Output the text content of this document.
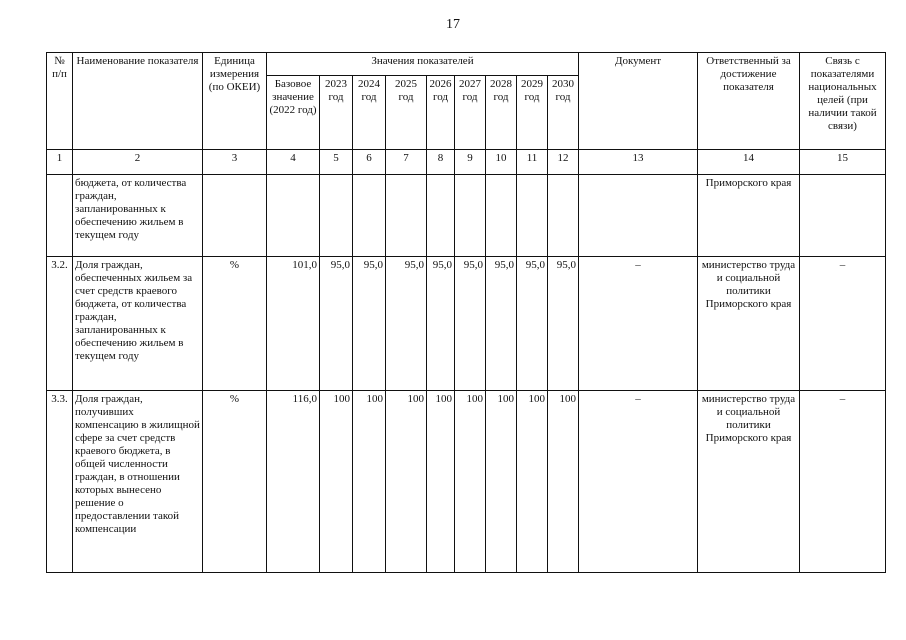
17
№ п/п	Наименование показателя	Единица измерения (по ОКЕИ)	Значения показателей									Документ	Ответственный за достижение показателя	Связь с показателями национальных целей (при наличии такой связи)

			Базовое значение (2022 год)	2023 год	2024 год	2025 год	2026 год	2027 год	2028 год	2029 год	2030 год			
1	2	3	4	5	6	7	8	9	10	11	12	13	14	15
	бюджета, от количества граждан, запланированных к обеспечению жильем в текущем году												Приморского края	
3.2.	Доля граждан, обеспеченных жильем за счет средств краевого бюджета, от количества граждан, запланированных к обеспечению жильем в текущем году	%	101,0	95,0	95,0	95,0	95,0	95,0	95,0	95,0	95,0	–	министерство труда и социальной политики Приморского края	–
3.3.	Доля граждан, получивших компенсацию в жилищной сфере за счет средств краевого бюджета, в общей численности граждан, в отношении которых вынесено решение о предоставлении такой компенсации	%	116,0	100	100	100	100	100	100	100	100	–	министерство труда и социальной политики Приморского края	–
